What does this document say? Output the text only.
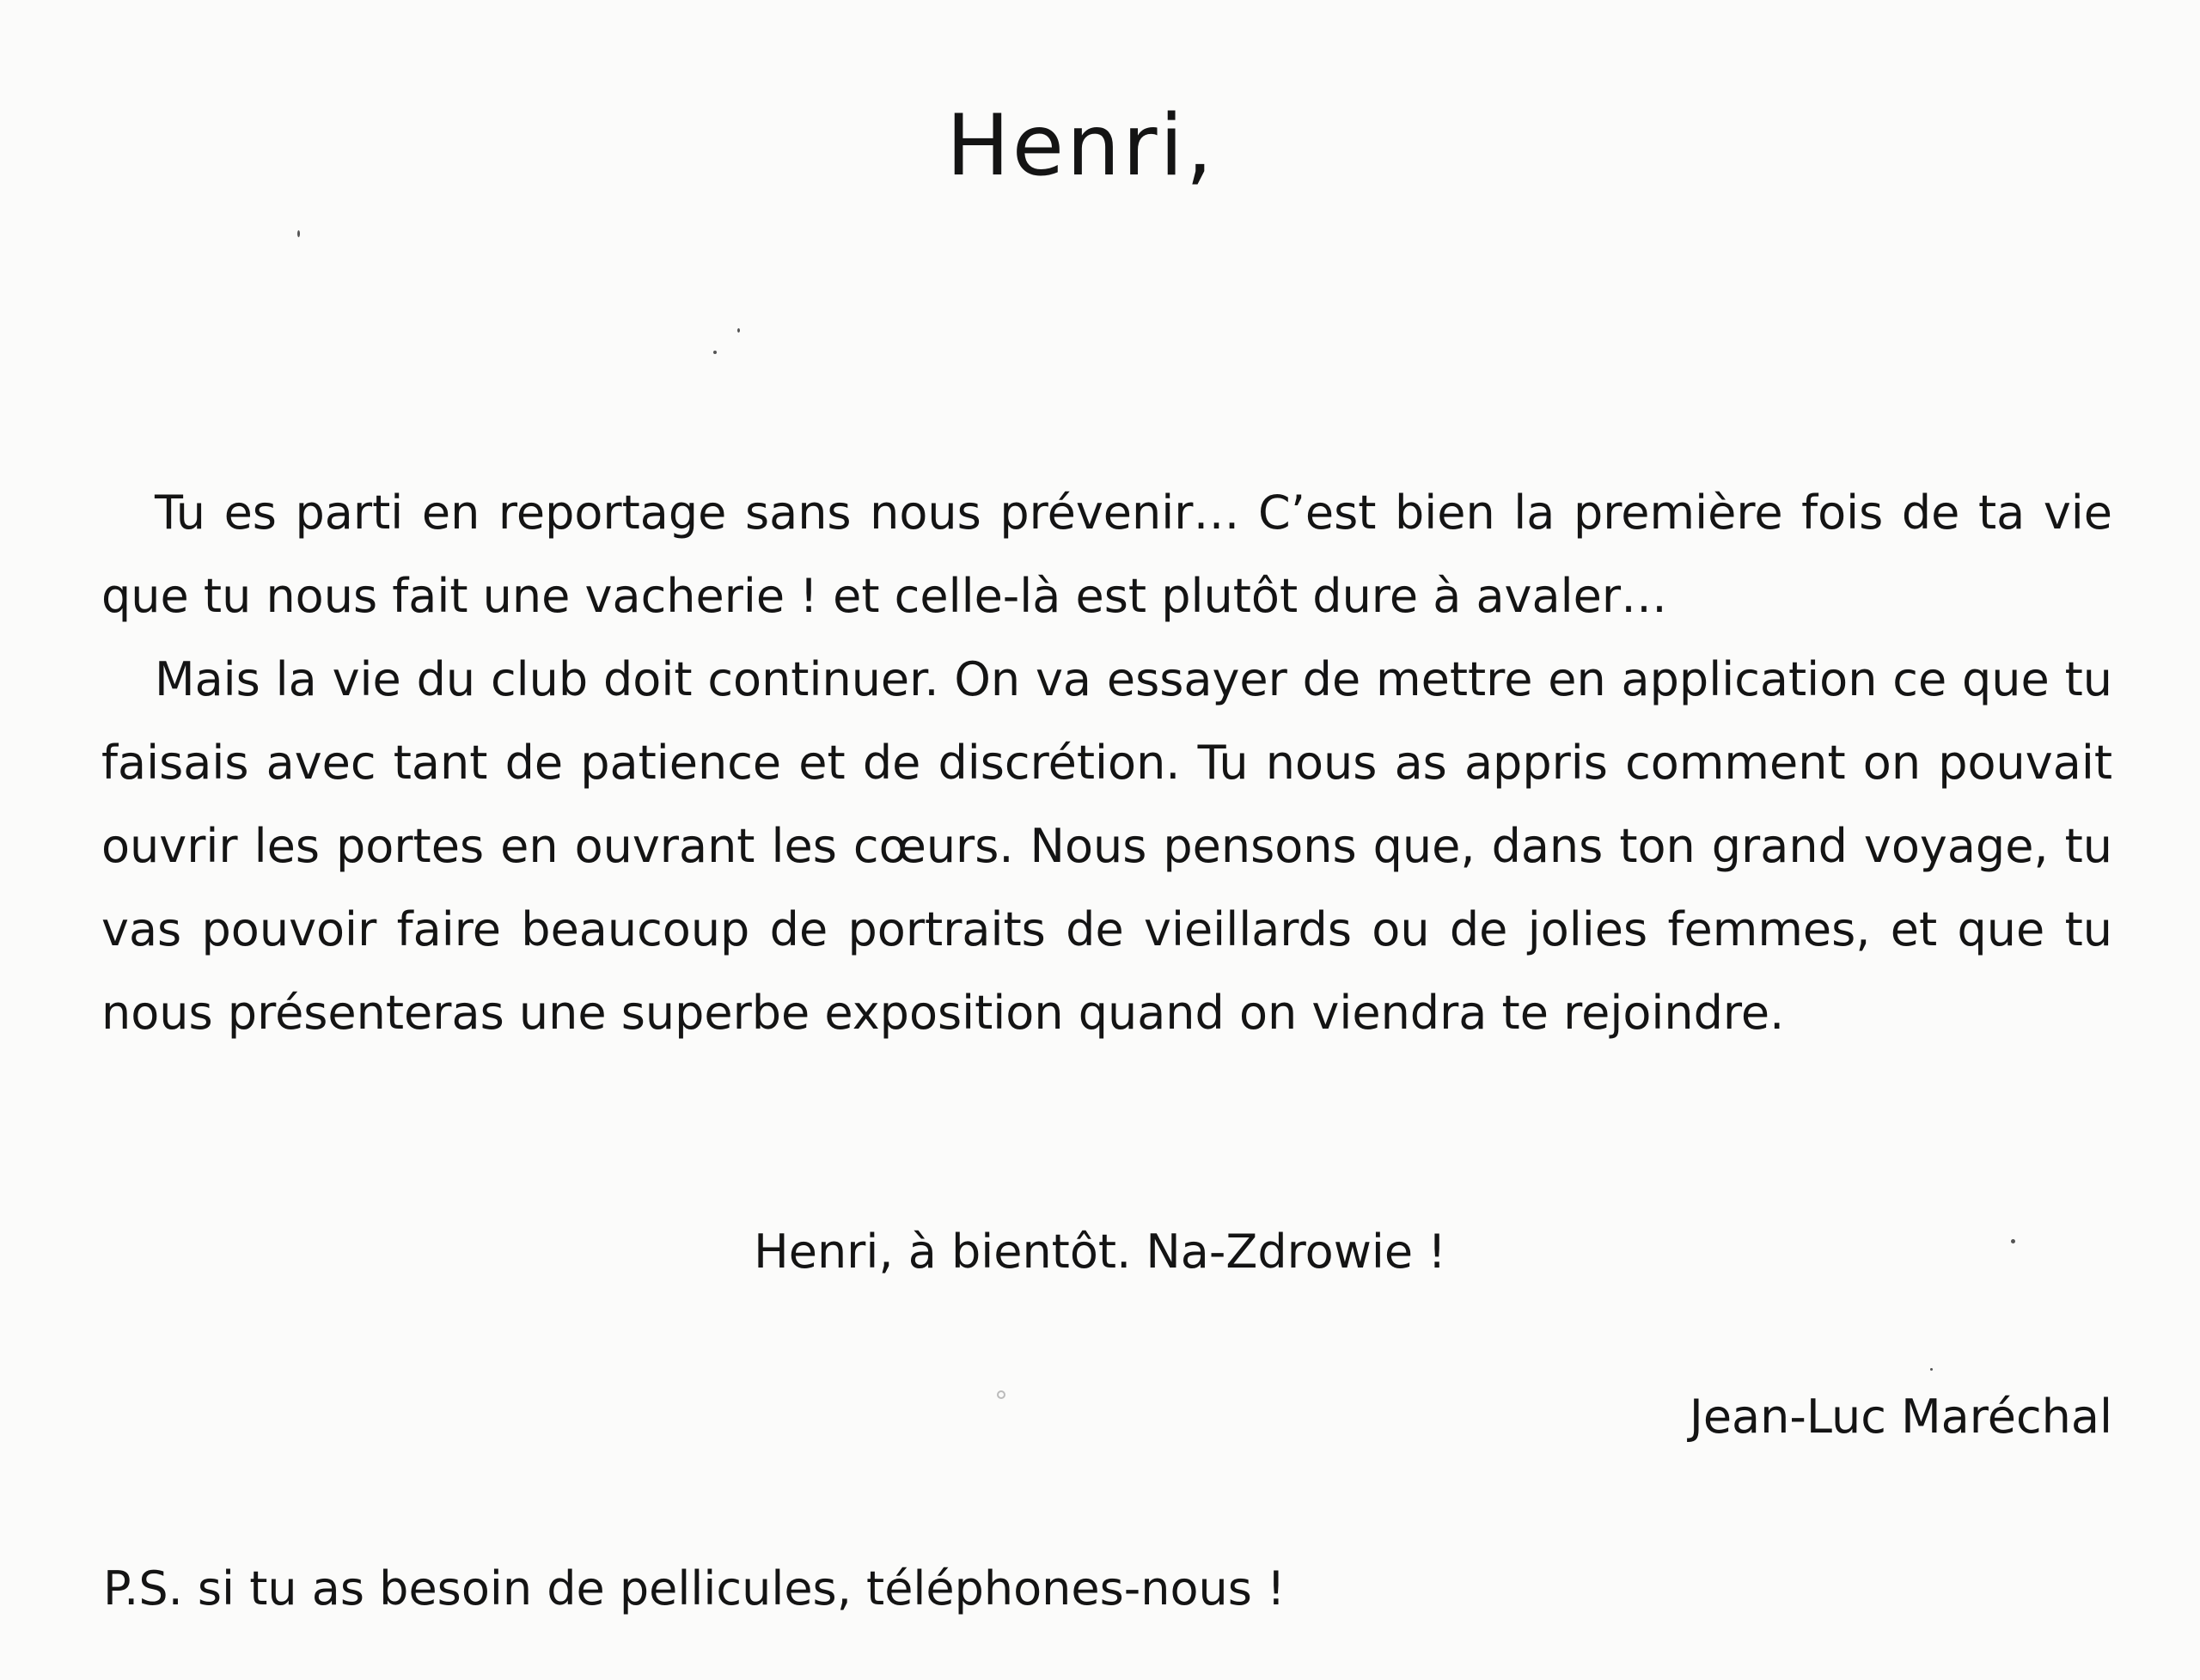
Henri,

Tu es parti en reportage sans nous prévenir… C’est bien la première fois de ta vie que tu nous fait une vacherie ! et celle-là est plutôt dure à avaler…

Mais la vie du club doit continuer. On va essayer de mettre en application ce que tu faisais avec tant de patience et de discrétion. Tu nous as appris comment on pouvait ouvrir les portes en ouvrant les cœurs. Nous pensons que, dans ton grand voyage, tu vas pouvoir faire beaucoup de portraits de vieillards ou de jolies femmes, et que tu nous présenteras une superbe exposition quand on viendra te rejoindre.

Henri, à bientôt. Na-Zdrowie !
Jean-Luc Maréchal
P.S. si tu as besoin de pellicules, téléphones-nous !
